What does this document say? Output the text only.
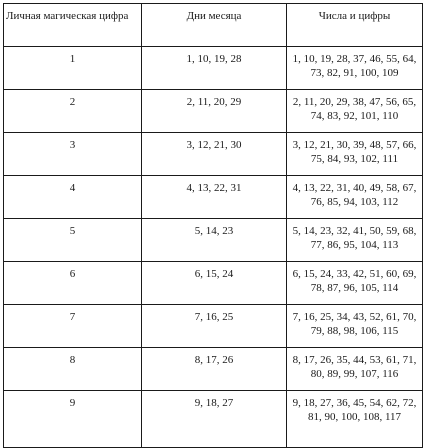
Личная магическая цифра	Дни месяца	Числа и цифры
1	1, 10, 19, 28	1, 10, 19, 28, 37, 46, 55, 64, 73, 82, 91, 100, 109
2	2, 11, 20, 29	2, 11, 20, 29, 38, 47, 56, 65, 74, 83, 92, 101, 110
3	3, 12, 21, 30	3, 12, 21, 30, 39, 48, 57, 66, 75, 84, 93, 102, 111
4	4, 13, 22, 31	4, 13, 22, 31, 40, 49, 58, 67, 76, 85, 94, 103, 112
5	5, 14, 23	5, 14, 23, 32, 41, 50, 59, 68, 77, 86, 95, 104, 113
6	6, 15, 24	6, 15, 24, 33, 42, 51, 60, 69, 78, 87, 96, 105, 114
7	7, 16, 25	7, 16, 25, 34, 43, 52, 61, 70, 79, 88, 98, 106, 115
8	8, 17, 26	8, 17, 26, 35, 44, 53, 61, 71, 80, 89, 99, 107, 116
9	9, 18, 27	9, 18, 27, 36, 45, 54, 62, 72, 81, 90, 100, 108, 117
